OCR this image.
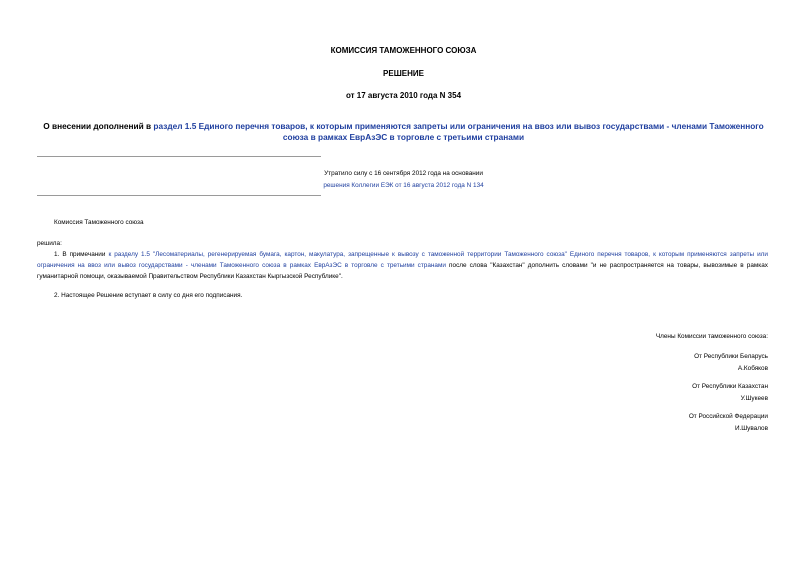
КОМИССИЯ ТАМОЖЕННОГО СОЮЗА
РЕШЕНИЕ
от 17 августа 2010 года N 354
О внесении дополнений в раздел 1.5 Единого перечня товаров, к которым применяются запреты или ограничения на ввоз или вывоз государствами - членами Таможенного союза в рамках ЕврАзЭС в торговле с третьими странами
Утратило силу с 16 сентября 2012 года на основании
решения Коллегии ЕЭК от 16 августа 2012 года N 134
Комиссия Таможенного союза
решила:
1. В примечании к разделу 1.5 "Лесоматериалы, регенерируемая бумага, картон, макулатура, запрещенные к вывозу с таможенной территории Таможенного союза" Единого перечня товаров, к которым применяются запреты или ограничения на ввоз или вывоз государствами - членами Таможенного союза в рамках ЕврАзЭС в торговле с третьими странами после слова "Казахстан" дополнить словами "и не распространяется на товары, вывозимые в рамках гуманитарной помощи, оказываемой Правительством Республики Казахстан Кыргызской Республике".
2. Настоящее Решение вступает в силу со дня его подписания.
Члены Комиссии таможенного союза:
От Республики Беларусь
А.Кобяков
От Республики Казахстан
У.Шукеев
От Российской Федерации
И.Шувалов
